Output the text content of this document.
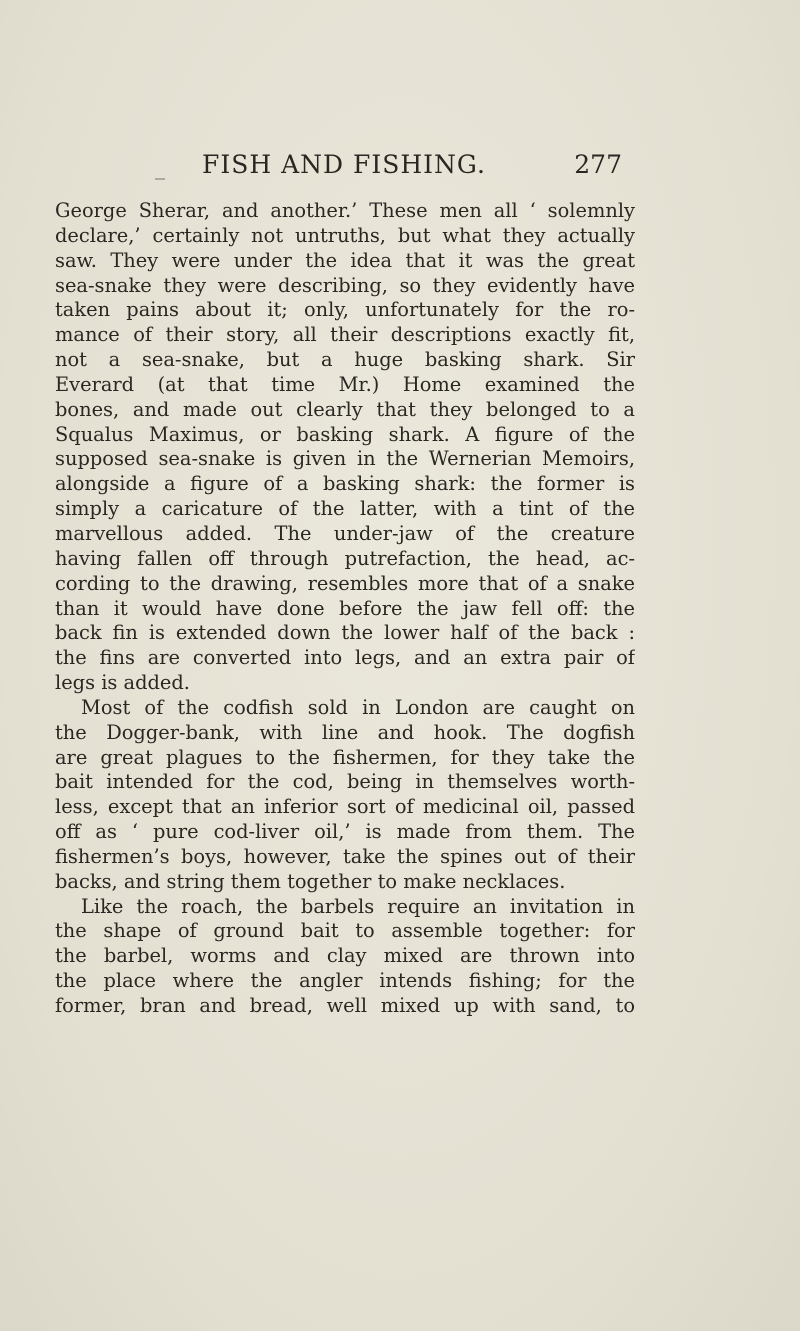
FISH AND FISHING.	277
George Sherar, and another.’ These men all ‘ solemnly
declare,’ certainly not untruths, but what they actually
saw. They were under the idea that it was the great
sea-snake they were describing, so they evidently have
taken pains about it; only, unfortunately for the ro-
mance of their story, all their descriptions exactly fit,
not a sea-snake, but a huge basking shark. Sir
Everard (at that time Mr.) Home examined the
bones, and made out clearly that they belonged to a
Squalus Maximus, or basking shark. A figure of the
supposed sea-snake is given in the Wernerian Memoirs,
alongside a figure of a basking shark: the former is
simply a caricature of the latter, with a tint of the
marvellous added. The under-jaw of the creature
having fallen off through putrefaction, the head, ac-
cording to the drawing, resembles more that of a snake
than it would have done before the jaw fell off: the
back fin is extended down the lower half of the back :
the fins are converted into legs, and an extra pair of
legs is added.
Most of the codfish sold in London are caught on
the Dogger-bank, with line and hook. The dogfish
are great plagues to the fishermen, for they take the
bait intended for the cod, being in themselves worth-
less, except that an inferior sort of medicinal oil, passed
off as ‘ pure cod-liver oil,’ is made from them. The
fishermen’s boys, however, take the spines out of their
backs, and string them together to make necklaces.
Like the roach, the barbels require an invitation in
the shape of ground bait to assemble together: for
the barbel, worms and clay mixed are thrown into
the place where the angler intends fishing; for the
former, bran and bread, well mixed up with sand, to
